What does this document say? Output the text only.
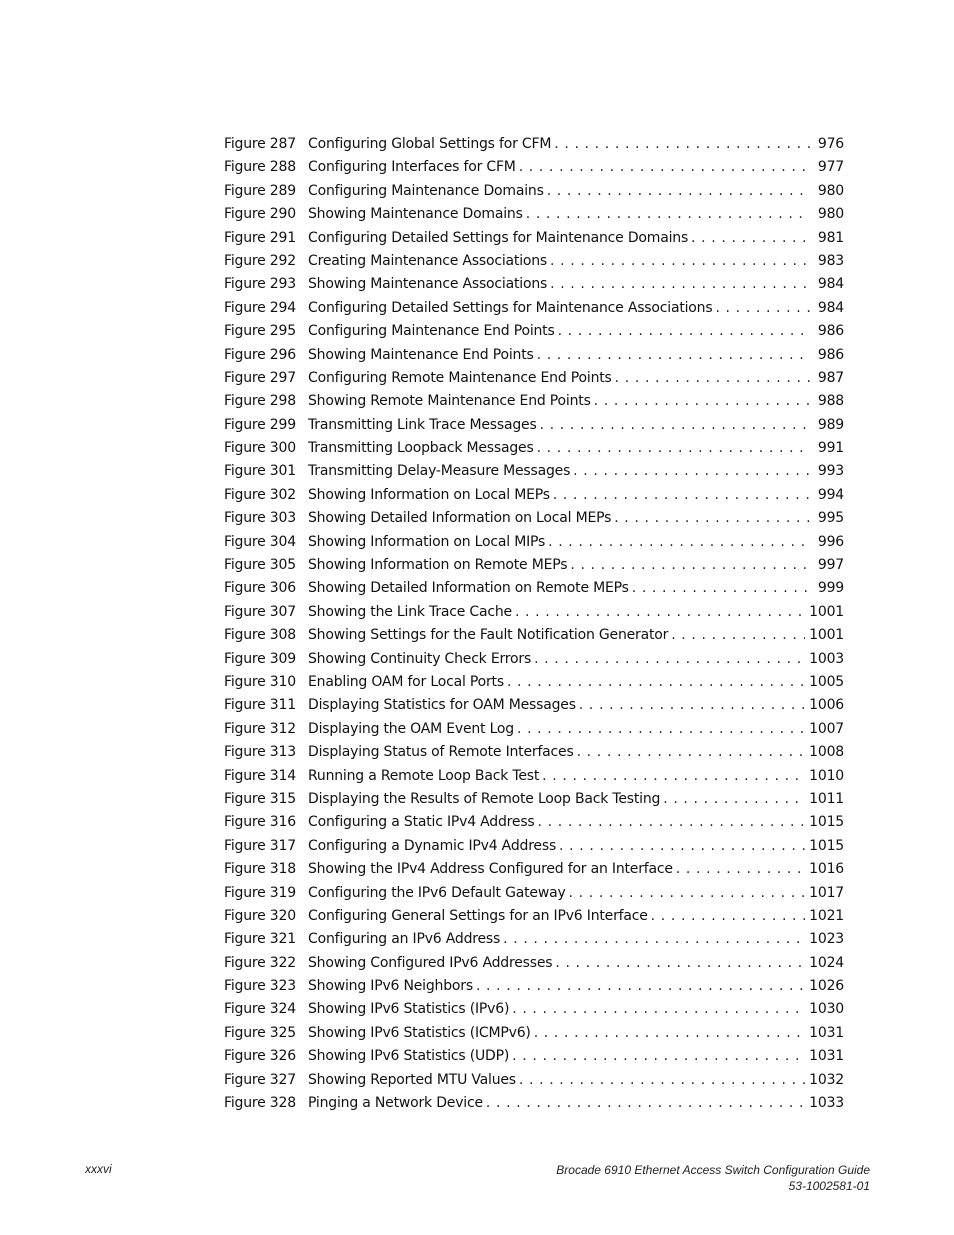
Figure 287 Configuring Global Settings for CFM . . .	976
Figure 288 Configuring Interfaces for CFM . . .	977
Figure 289 Configuring Maintenance Domains . . .	980
Figure 290 Showing Maintenance Domains . . .	980
Figure 291 Configuring Detailed Settings for Maintenance Domains . . .	981
Figure 292 Creating Maintenance Associations . . .	983
Figure 293 Showing Maintenance Associations . . .	984
Figure 294 Configuring Detailed Settings for Maintenance Associations . . .	984
Figure 295 Configuring Maintenance End Points . . .	986
Figure 296 Showing Maintenance End Points . . .	986
Figure 297 Configuring Remote Maintenance End Points . . .	987
Figure 298 Showing Remote Maintenance End Points . . .	988
Figure 299 Transmitting Link Trace Messages . . .	989
Figure 300 Transmitting Loopback Messages . . .	991
Figure 301 Transmitting Delay-Measure Messages . . .	993
Figure 302 Showing Information on Local MEPs . . .	994
Figure 303 Showing Detailed Information on Local MEPs . . .	995
Figure 304 Showing Information on Local MIPs . . .	996
Figure 305 Showing Information on Remote MEPs . . .	997
Figure 306 Showing Detailed Information on Remote MEPs . . .	999
Figure 307 Showing the Link Trace Cache . . .	1001
Figure 308 Showing Settings for the Fault Notification Generator . . .	1001
Figure 309 Showing Continuity Check Errors . . .	1003
Figure 310 Enabling OAM for Local Ports . . .	1005
Figure 311 Displaying Statistics for OAM Messages . . .	1006
Figure 312 Displaying the OAM Event Log . . .	1007
Figure 313 Displaying Status of Remote Interfaces . . .	1008
Figure 314 Running a Remote Loop Back Test . . .	1010
Figure 315 Displaying the Results of Remote Loop Back Testing . . .	1011
Figure 316 Configuring a Static IPv4 Address . . .	1015
Figure 317 Configuring a Dynamic IPv4 Address . . .	1015
Figure 318 Showing the IPv4 Address Configured for an Interface . . .	1016
Figure 319 Configuring the IPv6 Default Gateway . . .	1017
Figure 320 Configuring General Settings for an IPv6 Interface . . .	1021
Figure 321 Configuring an IPv6 Address . . .	1023
Figure 322 Showing Configured IPv6 Addresses . . .	1024
Figure 323 Showing IPv6 Neighbors . . .	1026
Figure 324 Showing IPv6 Statistics (IPv6) . . .	1030
Figure 325 Showing IPv6 Statistics (ICMPv6) . . .	1031
Figure 326 Showing IPv6 Statistics (UDP) . . .	1031
Figure 327 Showing Reported MTU Values . . .	1032
Figure 328 Pinging a Network Device . . .	1033
xxxvi	Brocade 6910 Ethernet Access Switch Configuration Guide
53-1002581-01
